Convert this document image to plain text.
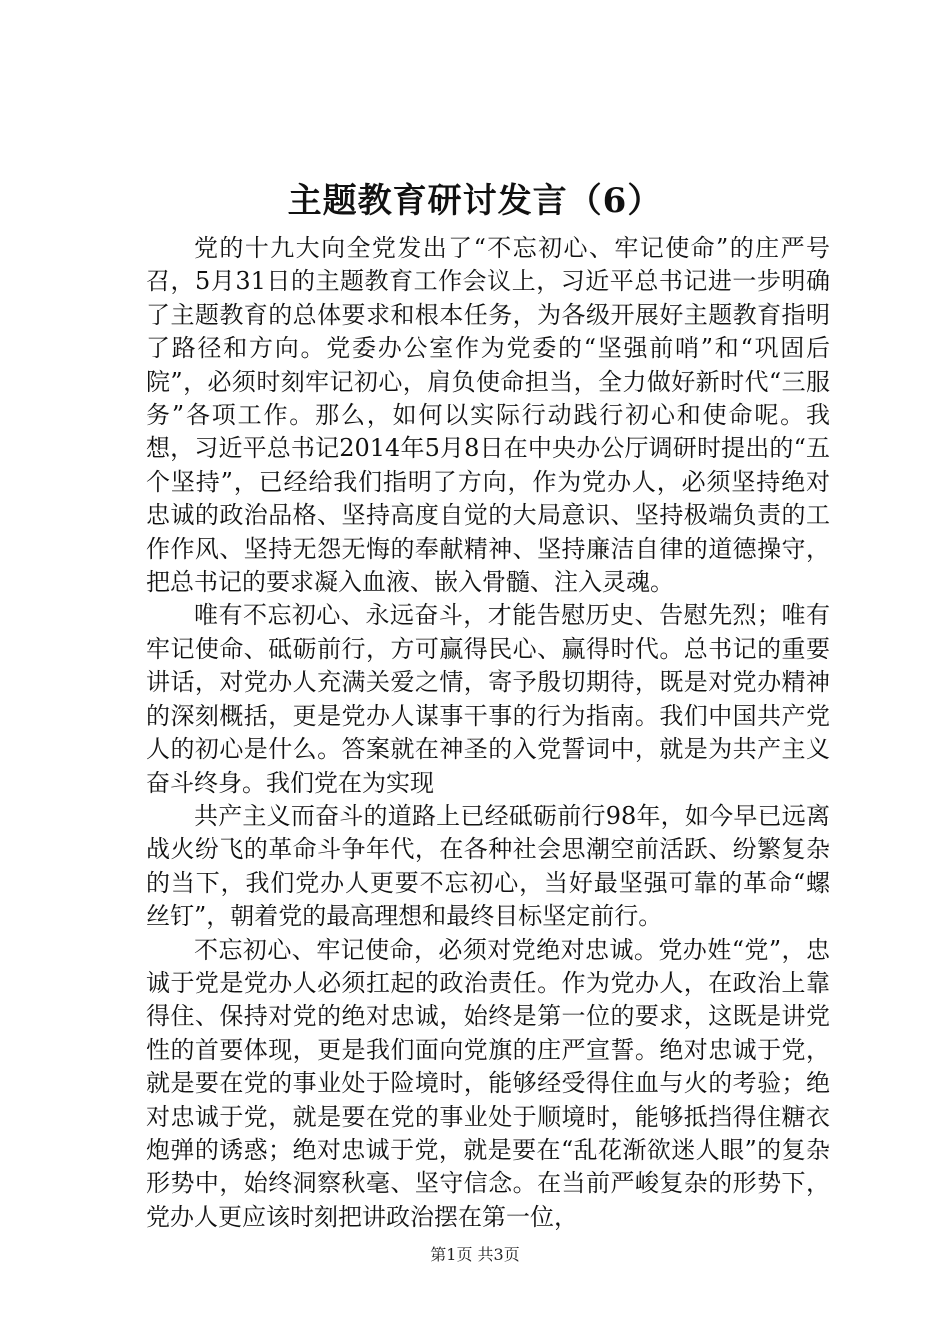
主题教育研讨发言（6）

党的十九大向全党发出了“不忘初心、牢记使命”的庄严号召，5月31日的主题教育工作会议上，习近平总书记进一步明确了主题教育的总体要求和根本任务，为各级开展好主题教育指明了路径和方向。党委办公室作为党委的“坚强前哨”和“巩固后院”，必须时刻牢记初心，肩负使命担当，全力做好新时代“三服务”各项工作。那么，如何以实际行动践行初心和使命呢。我想，习近平总书记2014年5月8日在中央办公厅调研时提出的“五个坚持”，已经给我们指明了方向，作为党办人，必须坚持绝对忠诚的政治品格、坚持高度自觉的大局意识、坚持极端负责的工作作风、坚持无怨无悔的奉献精神、坚持廉洁自律的道德操守，把总书记的要求凝入血液、嵌入骨髓、注入灵魂。

唯有不忘初心、永远奋斗，才能告慰历史、告慰先烈；唯有牢记使命、砥砺前行，方可赢得民心、赢得时代。总书记的重要讲话，对党办人充满关爱之情，寄予殷切期待，既是对党办精神的深刻概括，更是党办人谋事干事的行为指南。我们中国共产党人的初心是什么。答案就在神圣的入党誓词中，就是为共产主义奋斗终身。我们党在为实现

共产主义而奋斗的道路上已经砥砺前行98年，如今早已远离战火纷飞的革命斗争年代，在各种社会思潮空前活跃、纷繁复杂的当下，我们党办人更要不忘初心，当好最坚强可靠的革命“螺丝钉”，朝着党的最高理想和最终目标坚定前行。

不忘初心、牢记使命，必须对党绝对忠诚。党办姓“党”，忠诚于党是党办人必须扛起的政治责任。作为党办人，在政治上靠得住、保持对党的绝对忠诚，始终是第一位的要求，这既是讲党性的首要体现，更是我们面向党旗的庄严宣誓。绝对忠诚于党，就是要在党的事业处于险境时，能够经受得住血与火的考验；绝对忠诚于党，就是要在党的事业处于顺境时，能够抵挡得住糖衣炮弹的诱惑；绝对忠诚于党，就是要在“乱花渐欲迷人眼”的复杂形势中，始终洞察秋毫、坚守信念。在当前严峻复杂的形势下，党办人更应该时刻把讲政治摆在第一位，

第1页 共3页
